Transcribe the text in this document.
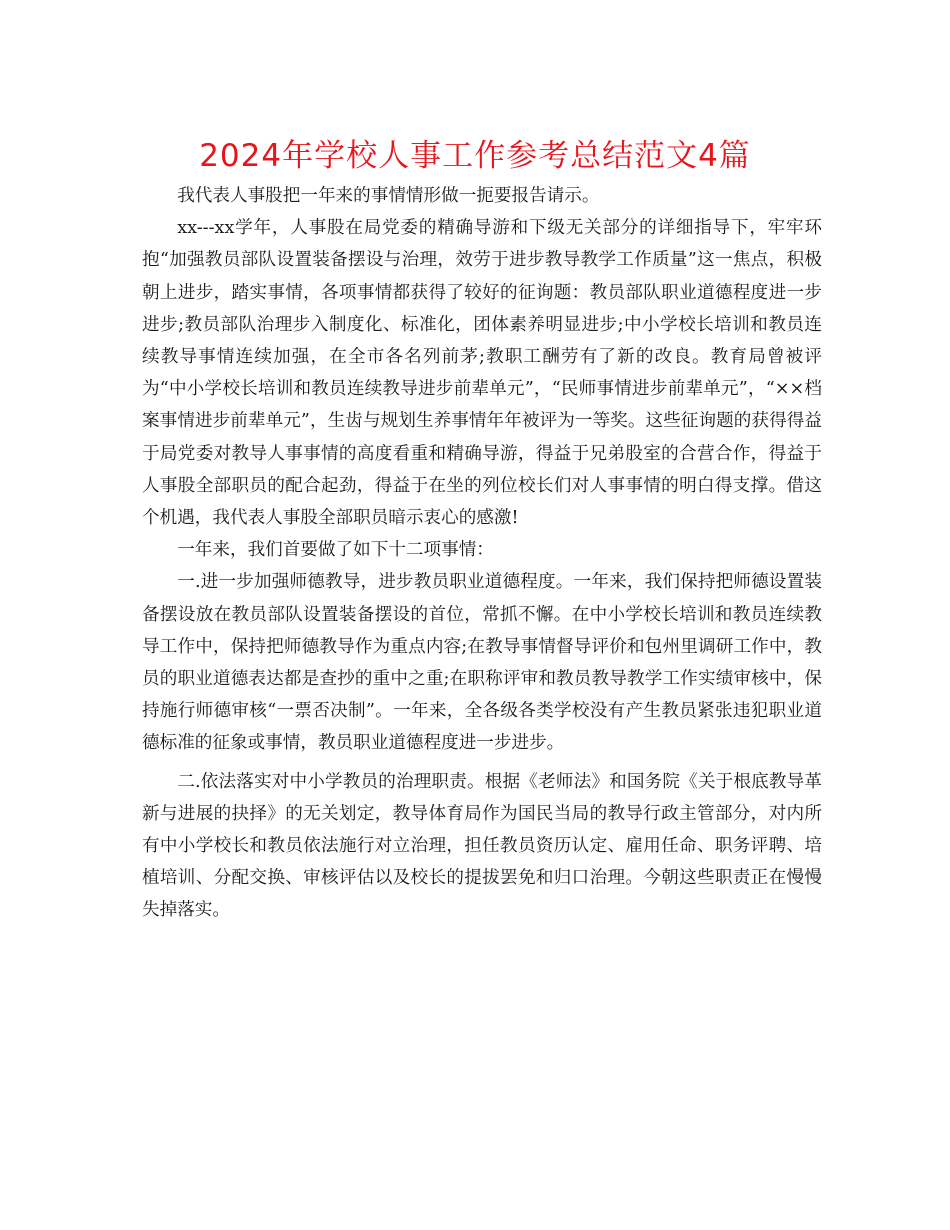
2024年学校人事工作参考总结范文4篇

我代表人事股把一年来的事情情形做一扼要报告请示。

xx---xx学年，人事股在局党委的精确导游和下级无关部分的详细指导下，牢牢环抱“加强教员部队设置装备摆设与治理，效劳于进步教导教学工作质量”这一焦点，积极朝上进步，踏实事情，各项事情都获得了较好的征询题：教员部队职业道德程度进一步进步;教员部队治理步入制度化、标准化，团体素养明显进步;中小学校长培训和教员连续教导事情连续加强，在全市各名列前茅;教职工酬劳有了新的改良。教育局曾被评为“中小学校长培训和教员连续教导进步前辈单元”，“民师事情进步前辈单元”，“××档案事情进步前辈单元”，生齿与规划生养事情年年被评为一等奖。这些征询题的获得得益于局党委对教导人事事情的高度看重和精确导游，得益于兄弟股室的合营合作，得益于人事股全部职员的配合起劲，得益于在坐的列位校长们对人事事情的明白得支撑。借这个机遇，我代表人事股全部职员暗示衷心的感激!

一年来，我们首要做了如下十二项事情：

一.进一步加强师德教导，进步教员职业道德程度。一年来，我们保持把师德设置装备摆设放在教员部队设置装备摆设的首位，常抓不懈。在中小学校长培训和教员连续教导工作中，保持把师德教导作为重点内容;在教导事情督导评价和包州里调研工作中，教员的职业道德表达都是查抄的重中之重;在职称评审和教员教导教学工作实绩审核中，保持施行师德审核“一票否决制”。一年来，全各级各类学校没有产生教员紧张违犯职业道德标准的征象或事情，教员职业道德程度进一步进步。

二.依法落实对中小学教员的治理职责。根据《老师法》和国务院《关于根底教导革新与进展的抉择》的无关划定，教导体育局作为国民当局的教导行政主管部分，对内所有中小学校长和教员依法施行对立治理，担任教员资历认定、雇用任命、职务评聘、培植培训、分配交换、审核评估以及校长的提拔罢免和归口治理。今朝这些职责正在慢慢失掉落实。
